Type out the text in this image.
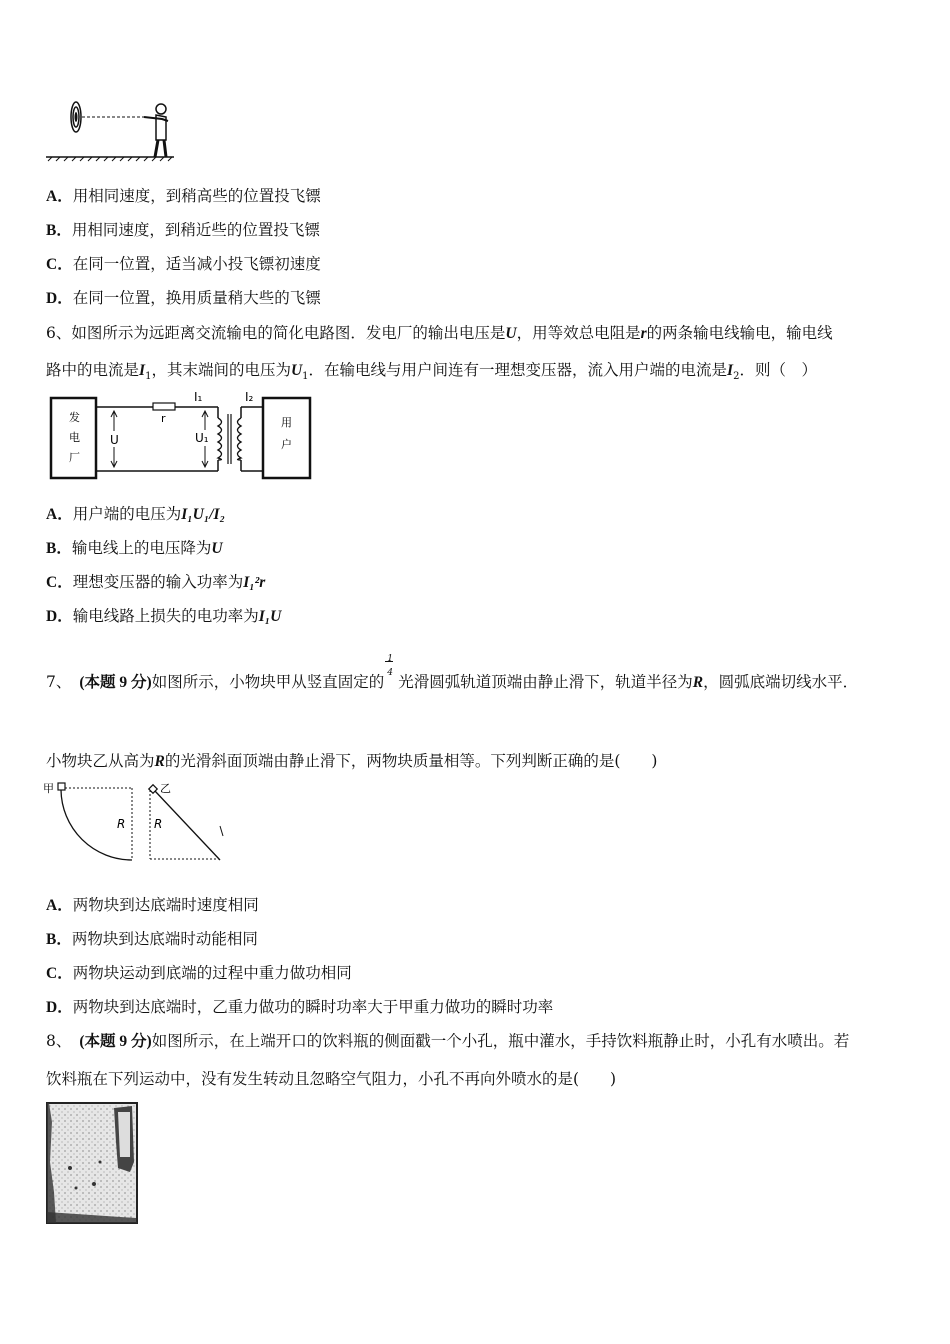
A．用相同速度，到稍高些的位置投飞镖
B．用相同速度，到稍近些的位置投飞镖
C．在同一位置，适当减小投飞镖初速度
D．在同一位置，换用质量稍大些的飞镖
6、如图所示为远距离交流输电的简化电路图．发电厂的输出电压是U，用等效总电阻是r的两条输电线输电，输电线
路中的电流是$I_1$，其末端间的电压为$U_1$．在输电线与用户间连有一理想变压器，流入用户端的电流是$I_2$．则（　）
发
电
厂
用
户
U
r
U₁
I₁	I₂
A．用户端的电压为I₁U₁/I₂
B．输电线上的电压降为U
C．理想变压器的输入功率为I₁²r
D．输电线路上损失的电功率为I₁U
7、 (本题 9 分)如图所示，小物块甲从竖直固定的
1
4 光滑圆弧轨道顶端由静止滑下，轨道半径为R，圆弧底端切线水平．
小物块乙从高为R的光滑斜面顶端由静止滑下，两物块质量相等。下列判断正确的是(　　)
甲
R
乙
R
A．两物块到达底端时速度相同
B．两物块到达底端时动能相同
C．两物块运动到底端的过程中重力做功相同
D．两物块到达底端时，乙重力做功的瞬时功率大于甲重力做功的瞬时功率
8、 (本题 9 分)如图所示，在上端开口的饮料瓶的侧面戳一个小孔，瓶中灌水，手持饮料瓶静止时，小孔有水喷出。若
饮料瓶在下列运动中，没有发生转动且忽略空气阻力，小孔不再向外喷水的是(　　)
